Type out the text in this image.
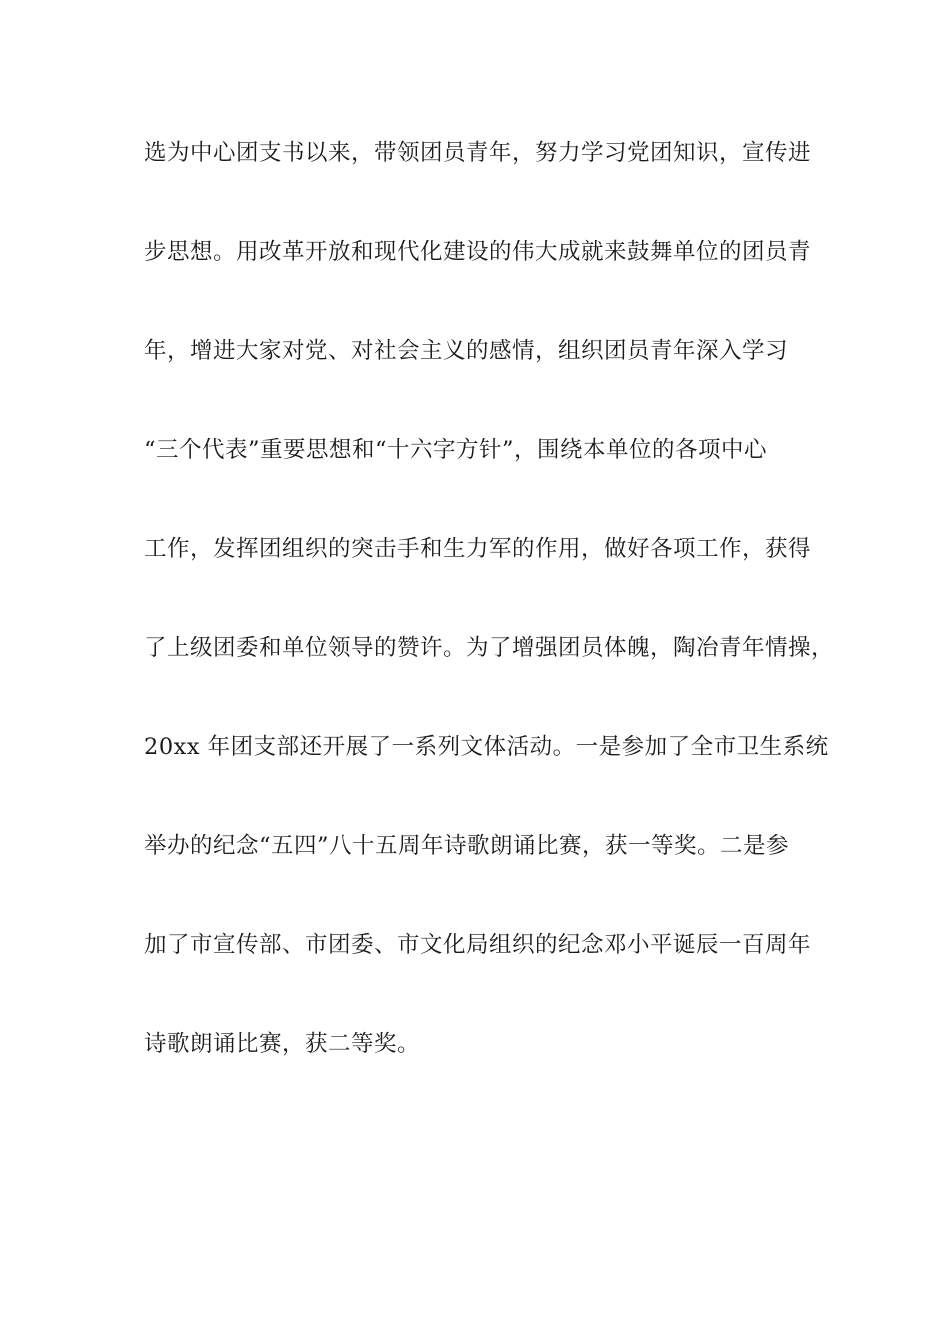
选为中心团支书以来，带领团员青年，努力学习党团知识，宣传进
步思想。用改革开放和现代化建设的伟大成就来鼓舞单位的团员青
年，增进大家对党、对社会主义的感情，组织团员青年深入学习
“三个代表”重要思想和“十六字方针”，围绕本单位的各项中心
工作，发挥团组织的突击手和生力军的作用，做好各项工作，获得
了上级团委和单位领导的赞许。为了增强团员体魄，陶冶青年情操，
20xx 年团支部还开展了一系列文体活动。一是参加了全市卫生系统
举办的纪念“五四”八十五周年诗歌朗诵比赛，获一等奖。二是参
加了市宣传部、市团委、市文化局组织的纪念邓小平诞辰一百周年
诗歌朗诵比赛，获二等奖。
